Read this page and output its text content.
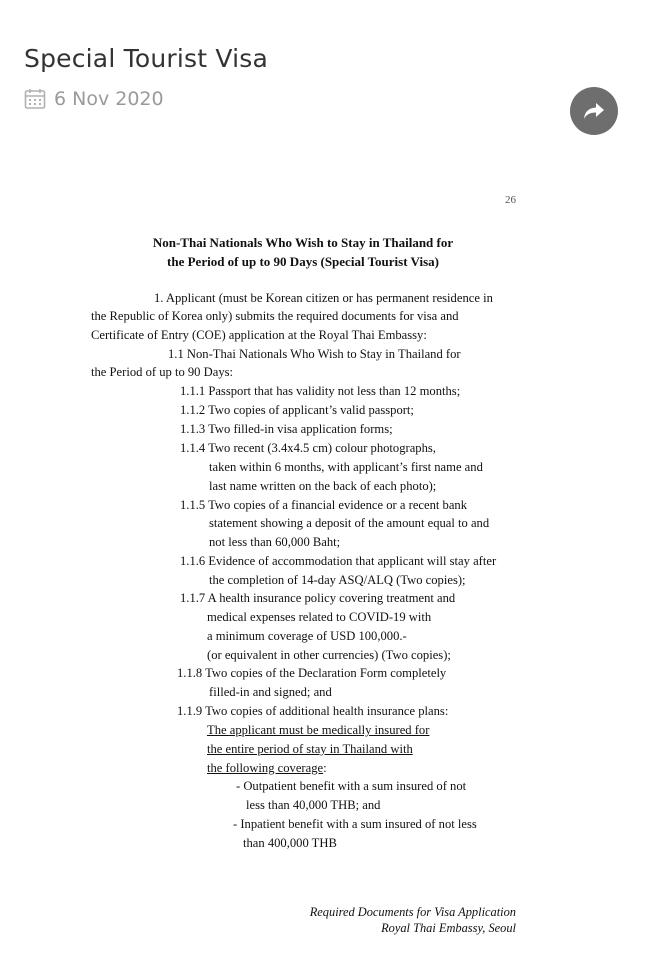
Special Tourist Visa
6 Nov 2020
26
Non-Thai Nationals Who Wish to Stay in Thailand for
the Period of up to 90 Days (Special Tourist Visa)
1. Applicant (must be Korean citizen or has permanent residence in
the Republic of Korea only) submits the required documents for visa and
Certificate of Entry (COE) application at the Royal Thai Embassy:
1.1 Non-Thai Nationals Who Wish to Stay in Thailand for
the Period of up to 90 Days:
1.1.1 Passport that has validity not less than 12 months;
1.1.2 Two copies of applicant’s valid passport;
1.1.3 Two filled-in visa application forms;
1.1.4 Two recent (3.4x4.5 cm) colour photographs,
taken within 6 months, with applicant’s first name and
last name written on the back of each photo);
1.1.5 Two copies of a financial evidence or a recent bank
statement showing a deposit of the amount equal to and
not less than 60,000 Baht;
1.1.6 Evidence of accommodation that applicant will stay after
the completion of 14-day ASQ/ALQ (Two copies);
1.1.7 A health insurance policy covering treatment and
medical expenses related to COVID-19 with
a minimum coverage of USD 100,000.-
(or equivalent in other currencies) (Two copies);
1.1.8 Two copies of the Declaration Form completely
filled-in and signed; and
1.1.9 Two copies of additional health insurance plans:
The applicant must be medically insured for
the entire period of stay in Thailand with
the following coverage:
- Outpatient benefit with a sum insured of not
less than 40,000 THB; and
- Inpatient benefit with a sum insured of not less
than 400,000 THB
Required Documents for Visa Application
Royal Thai Embassy, Seoul
